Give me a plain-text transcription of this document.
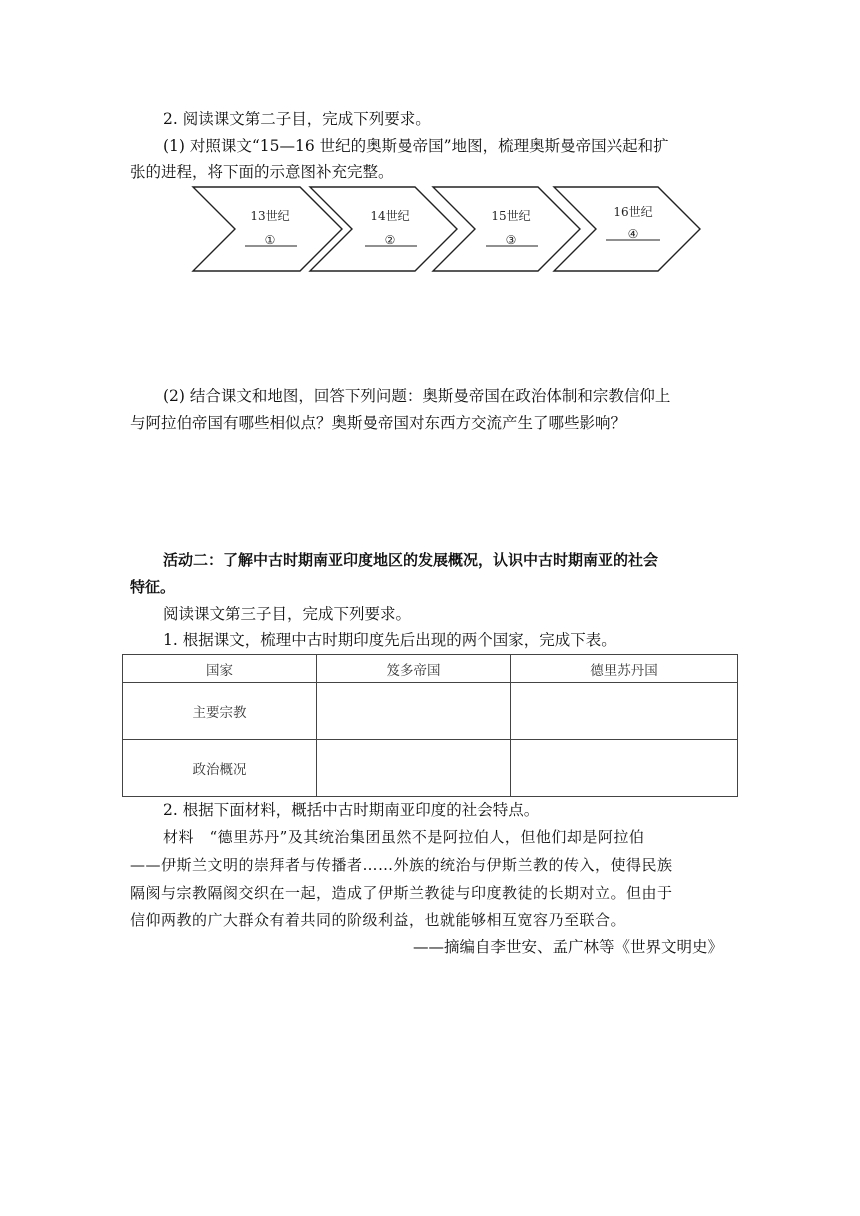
2. 阅读课文第二子目，完成下列要求。
(1) 对照课文“15—16 世纪的奥斯曼帝国”地图，梳理奥斯曼帝国兴起和扩
张的进程，将下面的示意图补充完整。
13世纪
①
14世纪
②
15世纪
③
16世纪
④
(2) 结合课文和地图，回答下列问题：奥斯曼帝国在政治体制和宗教信仰上
与阿拉伯帝国有哪些相似点？奥斯曼帝国对东西方交流产生了哪些影响？
活动二：了解中古时期南亚印度地区的发展概况，认识中古时期南亚的社会
特征。
阅读课文第三子目，完成下列要求。
1. 根据课文，梳理中古时期印度先后出现的两个国家，完成下表。
国家	笈多帝国	德里苏丹国
主要宗教		
政治概况		
2. 根据下面材料，概括中古时期南亚印度的社会特点。
材料　“德里苏丹”及其统治集团虽然不是阿拉伯人，但他们却是阿拉伯
——伊斯兰文明的崇拜者与传播者……外族的统治与伊斯兰教的传入，使得民族
隔阂与宗教隔阂交织在一起，造成了伊斯兰教徒与印度教徒的长期对立。但由于
信仰两教的广大群众有着共同的阶级利益，也就能够相互宽容乃至联合。
——摘编自李世安、孟广林等《世界文明史》
